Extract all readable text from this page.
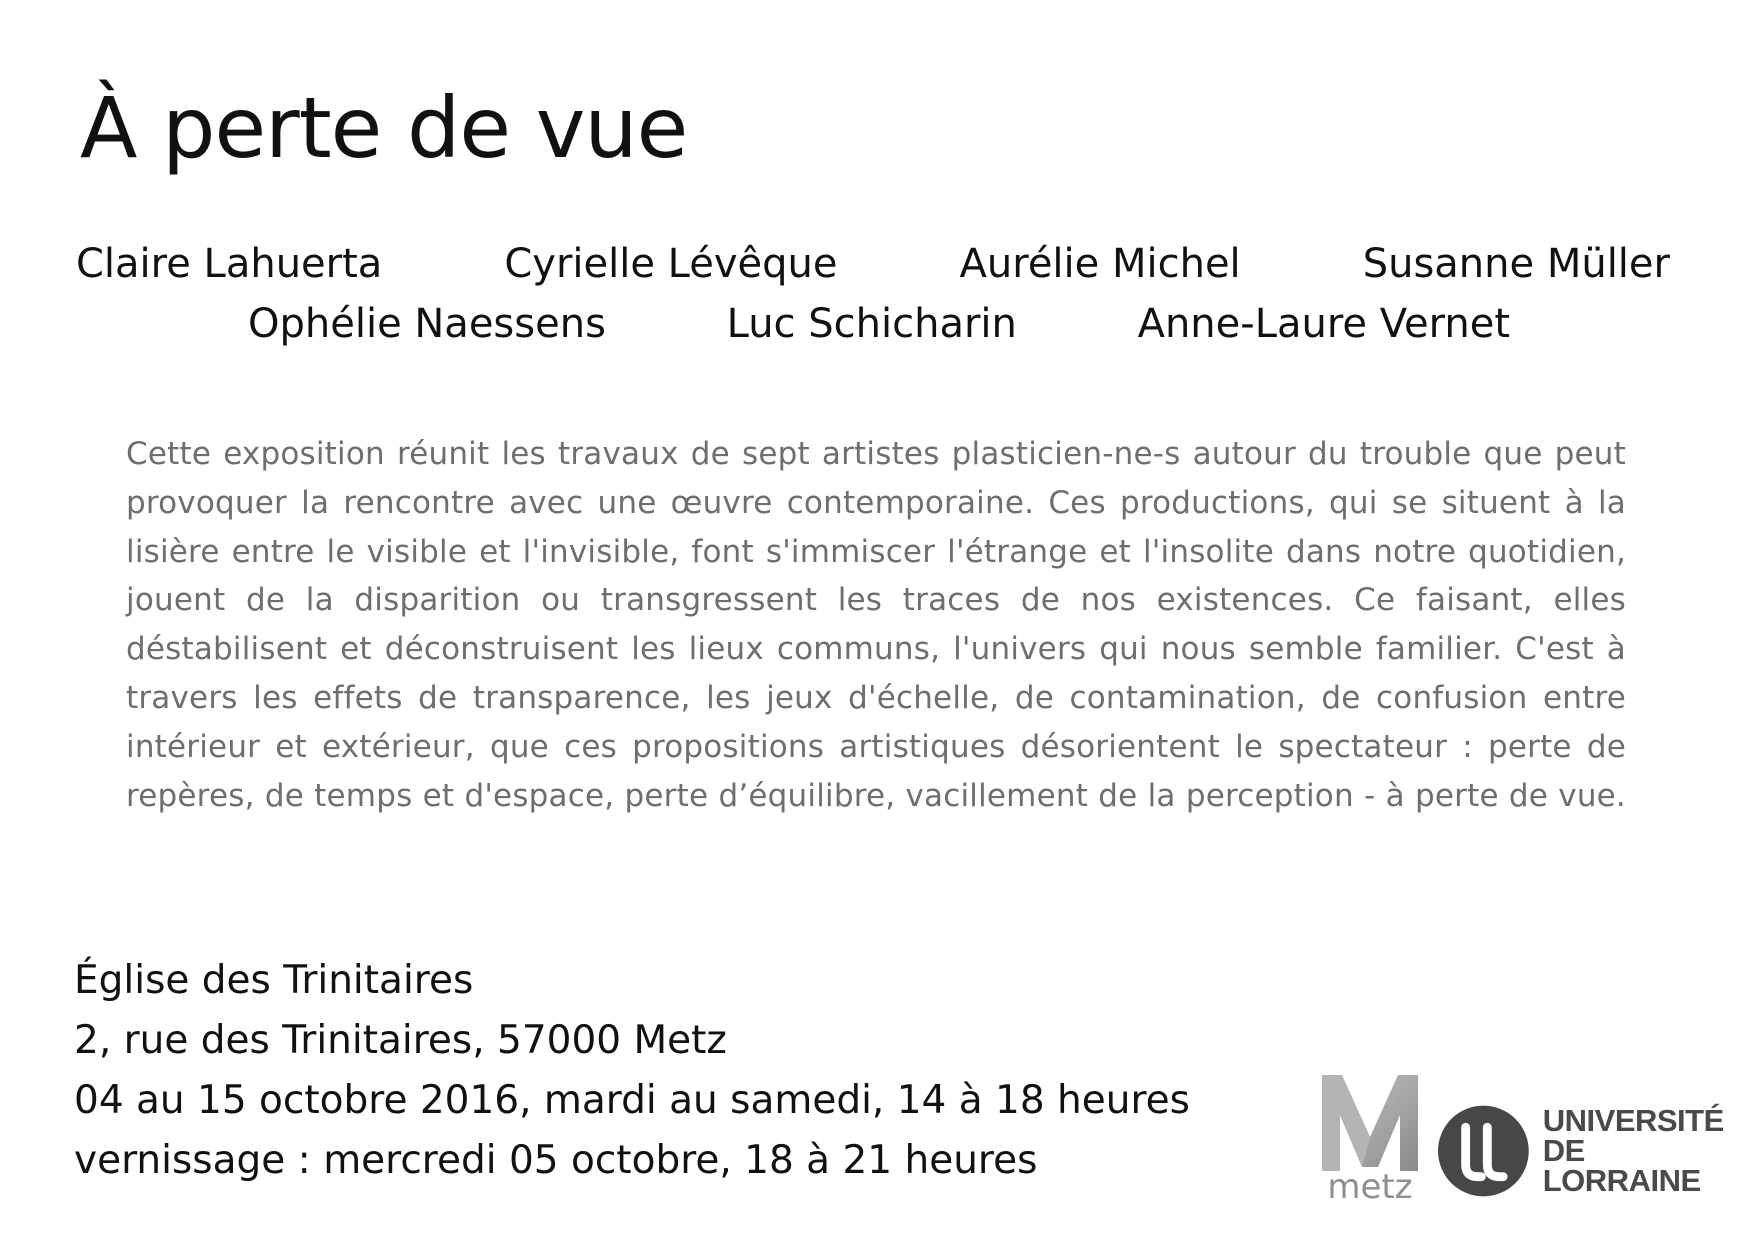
À perte de vue
Claire Lahuerta	Cyrielle Lévêque	Aurélie Michel	Susanne Müller
Ophélie Naessens	Luc Schicharin	Anne-Laure Vernet

Cette exposition réunit les travaux de sept artistes plasticien-ne-s autour du trouble que peut provoquer la rencontre avec une œuvre contemporaine. Ces productions, qui se situent à la lisière entre le visible et l'invisible, font s'immiscer l'étrange et l'insolite dans notre quotidien, jouent de la disparition ou transgressent les traces de nos existences. Ce faisant, elles déstabilisent et déconstruisent les lieux communs, l'univers qui nous semble familier. C'est à travers les effets de transparence, les jeux d'échelle, de contamination, de confusion entre intérieur et extérieur, que ces propositions artistiques désorientent le spectateur : perte de repères, de temps et d'espace, perte d’équilibre, vacillement de la perception - à perte de vue.

Église des Trinitaires
2, rue des Trinitaires, 57000 Metz
04 au 15 octobre 2016, mardi au samedi, 14 à 18 heures
vernissage : mercredi 05 octobre, 18 à 21 heures
metz
UNIVERSITÉ
DE LORRAINE
